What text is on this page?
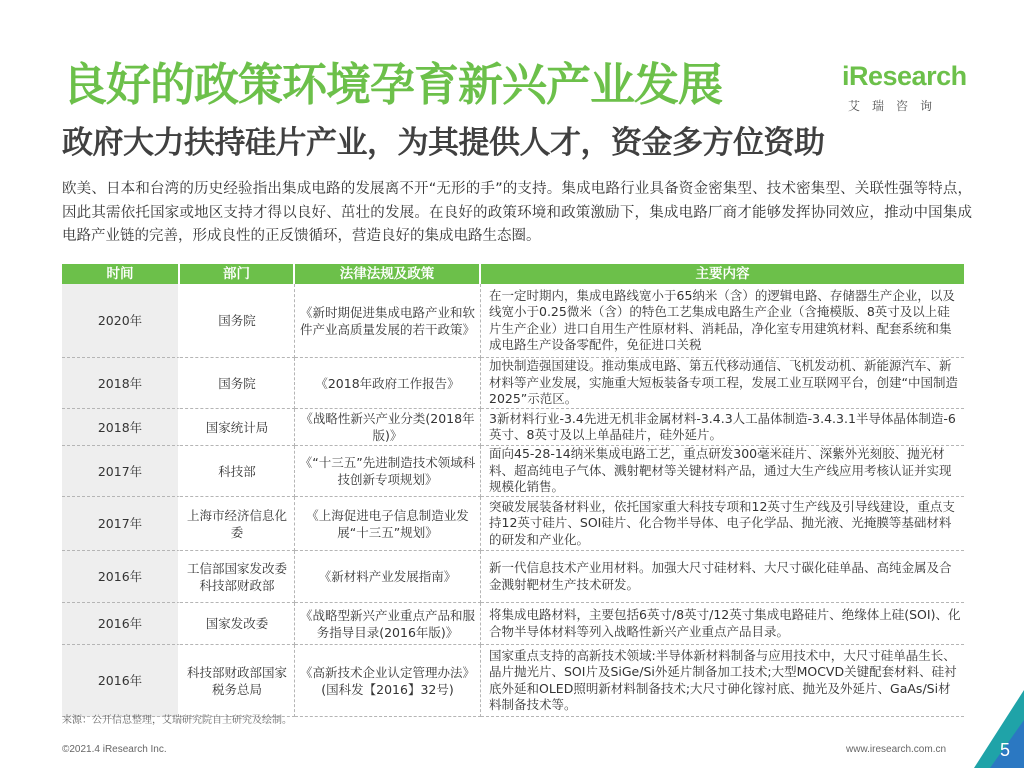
良好的政策环境孕育新兴产业发展
政府大力扶持硅片产业，为其提供人才，资金多方位资助
iResearch
艾瑞咨询
欧美、日本和台湾的历史经验指出集成电路的发展离不开“无形的手”的支持。集成电路行业具备资金密集型、技术密集型、关联性强等特点，因此其需依托国家或地区支持才得以良好、茁壮的发展。在良好的政策环境和政策激励下，集成电路厂商才能够发挥协同效应，推动中国集成电路产业链的完善，形成良性的正反馈循环，营造良好的集成电路生态圈。
时间	部门	法律法规及政策	主要内容
2020年	国务院	《新时期促进集成电路产业和软件产业高质量发展的若干政策》	在一定时期内，集成电路线宽小于65纳米（含）的逻辑电路、存储器生产企业，以及线宽小于0.25微米（含）的特色工艺集成电路生产企业（含掩模版、8英寸及以上硅片生产企业）进口自用生产性原材料、消耗品，净化室专用建筑材料、配套系统和集成电路生产设备零配件，免征进口关税
2018年	国务院	《2018年政府工作报告》	加快制造强国建设。推动集成电路、第五代移动通信、飞机发动机、新能源汽车、新材料等产业发展，实施重大短板装备专项工程，发展工业互联网平台，创建“中国制造2025”示范区。
2018年	国家统计局	《战略性新兴产业分类(2018年版)》	3新材料行业-3.4先进无机非金属材料-3.4.3人工晶体制造-3.4.3.1半导体晶体制造-6英寸、8英寸及以上单晶硅片，硅外延片。
2017年	科技部	《“十三五”先进制造技术领域科技创新专项规划》	面向45-28-14纳米集成电路工艺，重点研发300毫米硅片、深紫外光刻胶、抛光材料、超高纯电子气体、溅射靶材等关键材料产品，通过大生产线应用考核认证并实现规模化销售。
2017年	上海市经济信息化委	《上海促进电子信息制造业发展“十三五”规划》	突破发展装备材料业，依托国家重大科技专项和12英寸生产线及引导线建设，重点支持12英寸硅片、SOI硅片、化合物半导体、电子化学品、抛光液、光掩膜等基础材料的研发和产业化。
2016年	工信部国家发改委科技部财政部	《新材料产业发展指南》	新一代信息技术产业用材料。加强大尺寸硅材料、大尺寸碳化硅单晶、高纯金属及合金溅射靶材生产技术研发。
2016年	国家发改委	《战略型新兴产业重点产品和服务指导目录(2016年版)》	将集成电路材料，主要包括6英寸/8英寸/12英寸集成电路硅片、绝缘体上硅(SOI)、化合物半导体材料等列入战略性新兴产业重点产品目录。
2016年	科技部财政部国家税务总局	《高新技术企业认定管理办法》(国科发【2016】32号)	国家重点支持的高新技术领域:半导体新材料制备与应用技术中，大尺寸硅单晶生长、晶片抛光片、SOI片及SiGe/Si外延片制备加工技术;大型MOCVD关键配套材料、硅衬底外延和OLED照明新材料制备技术;大尺寸砷化镓衬底、抛光及外延片、GaAs/Si材料制备技术等。
来源：公开信息整理，艾瑞研究院自主研究及绘制。
©2021.4 iResearch Inc.	www.iresearch.com.cn	5
